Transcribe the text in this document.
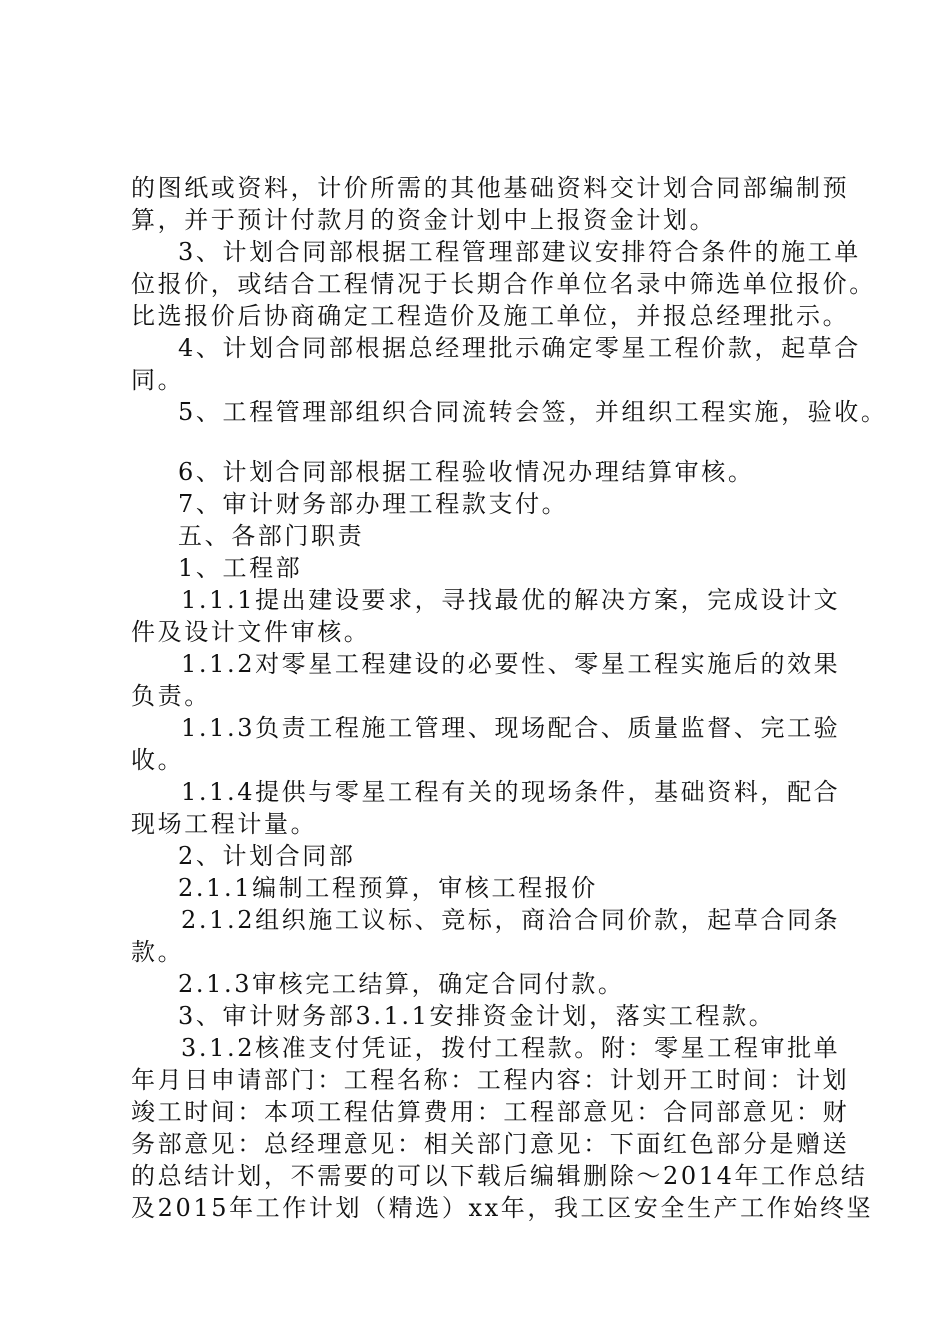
的图纸或资料，计价所需的其他基础资料交计划合同部编制预
算，并于预计付款月的资金计划中上报资金计划。
3、计划合同部根据工程管理部建议安排符合条件的施工单
位报价，或结合工程情况于长期合作单位名录中筛选单位报价。
比选报价后协商确定工程造价及施工单位，并报总经理批示。
4、计划合同部根据总经理批示确定零星工程价款，起草合
同。
5、工程管理部组织合同流转会签，并组织工程实施，验收。
6、计划合同部根据工程验收情况办理结算审核。
7、审计财务部办理工程款支付。
五、各部门职责
1、工程部
1.1.1提出建设要求，寻找最优的解决方案，完成设计文
件及设计文件审核。
1.1.2对零星工程建设的必要性、零星工程实施后的效果
负责。
1.1.3负责工程施工管理、现场配合、质量监督、完工验
收。
1.1.4提供与零星工程有关的现场条件，基础资料，配合
现场工程计量。
2、计划合同部
2.1.1编制工程预算，审核工程报价
2.1.2组织施工议标、竞标，商洽合同价款，起草合同条
款。
2.1.3审核完工结算，确定合同付款。
3、审计财务部3.1.1安排资金计划，落实工程款。
3.1.2核准支付凭证，拨付工程款。附：零星工程审批单
年月日申请部门：工程名称：工程内容：计划开工时间：计划
竣工时间：本项工程估算费用：工程部意见：合同部意见：财
务部意见：总经理意见：相关部门意见：下面红色部分是赠送
的总结计划，不需要的可以下载后编辑删除～2014年工作总结
及2015年工作计划（精选）xx年，我工区安全生产工作始终坚
